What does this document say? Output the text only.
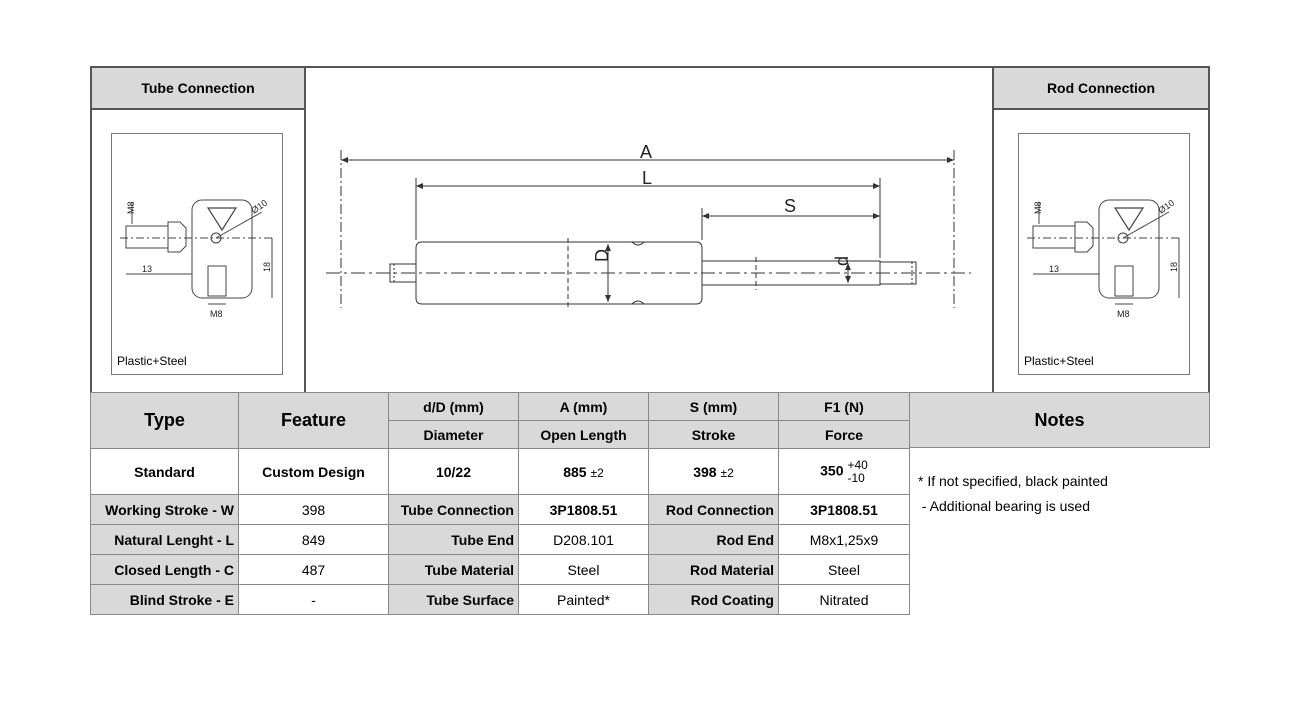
Tube Connection
M8	Ø10
13	18
M8
Plastic+Steel
Rod Connection
M8	Ø10
13	18
M8
Plastic+Steel
A
L
S
D	d
Type	Feature	d/D (mm)	A (mm)	S (mm)	F1 (N)
		Diameter	Open Length	Stroke	Force
Standard	Custom Design	10/22	885 ±2	398 ±2	350 +40
-10
Working Stroke - W	398	Tube Connection	3P1808.51	Rod Connection	3P1808.51
Natural Lenght - L	849	Tube End	D208.101	Rod End	M8x1,25x9
Closed Length - C	487	Tube Material	Steel	Rod Material	Steel
Blind Stroke - E	-	Tube Surface	Painted*	Rod Coating	Nitrated
Notes
* If not specified, black painted
- Additional bearing is used
